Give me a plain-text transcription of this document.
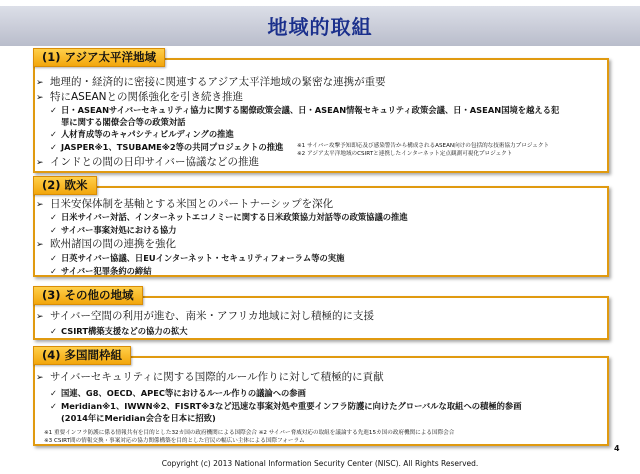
地域的取組
(1) アジア太平洋地域
➢ 地理的・経済的に密接に関連するアジア太平洋地域の緊密な連携が重要
➢ 特にASEANとの関係強化を引き続き推進
✓ 日・ASEANサイバーセキュリティ協力に関する閣僚政策会議、日・ASEAN情報セキュリティ政策会議、日・ASEAN国境を越える犯
罪に関する閣僚会合等の政策対話
✓ 人材育成等のキャパシティビルディングの推進
✓ JASPER※1、TSUBAME※2等の共同プロジェクトの推進
➢ インドとの間の日印サイバー協議などの推進
※1 サイバー攻撃予知即応及び感染警告から構成されるASEAN向けの包括的な技術協力プロジェクト
※2 アジア太平洋地域のCSIRTと連携したインターネット定点観測可視化プロジェクト
(2) 欧米
➢ 日米安保体制を基軸とする米国とのパートナーシップを深化
✓ 日米サイバー対話、インターネットエコノミーに関する日米政策協力対話等の政策協議の推進
✓ サイバー事案対処における協力
➢ 欧州諸国の間の連携を強化
✓ 日英サイバー協議、日EUインターネット・セキュリティフォーラム等の実施
✓ サイバー犯罪条約の締結
(3) その他の地域
➢ サイバー空間の利用が進む、南米・アフリカ地域に対し積極的に支援
✓ CSIRT構築支援などの協力の拡大
(4) 多国間枠組
➢ サイバーセキュリティに関する国際的ルール作りに対して積極的に貢献
✓ 国連、G8、OECD、APEC等におけるルール作りの議論への参画
✓ Meridian※1、IWWN※2、FISRT※3など迅速な事案対処や重要インフラ防護に向けたグローバルな取組への積極的参画
(2014年にMeridian会合を日本に招致)
※1 重要インフラ防護に係る情報共有を目的とした32カ国の政府機関による国際会合 ※2 サイバー脅威対応の取組を議論する先進15カ国の政府機関による国際会合
※3 CSIRT間の情報交換・事案対応の協力関係構築を目的とした官民の幅広い主体による国際フォーラム
4
Copyright (c) 2013 National Information Security Center (NISC). All Rights Reserved.
